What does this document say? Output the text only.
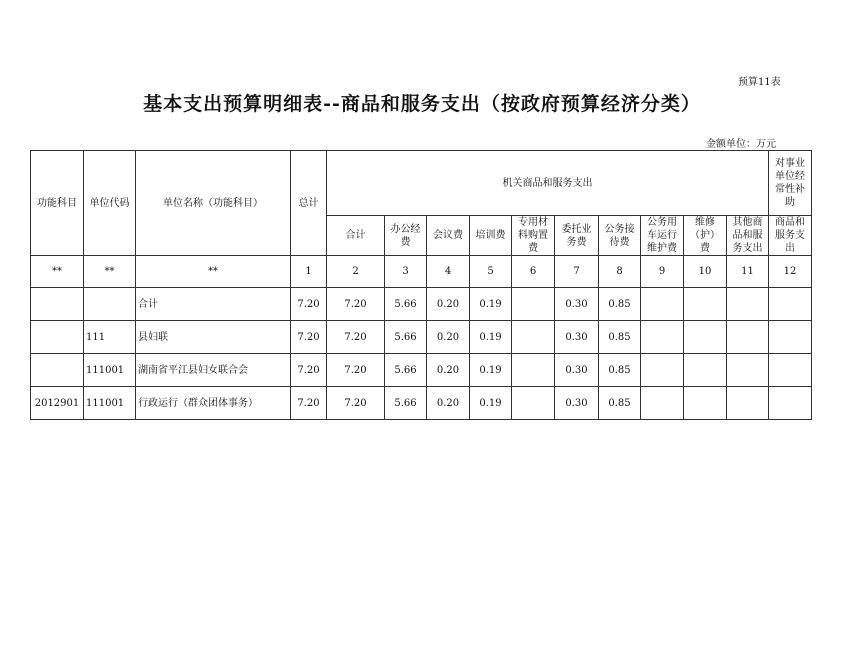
预算11表
基本支出预算明细表--商品和服务支出（按政府预算经济分类）
金额单位：万元
功能科目	单位代码	单位名称（功能科目）	总计	机关商品和服务支出										对事业单位经常性补助
				合计	办公经费	会议费	培训费	专用材料购置费	委托业务费	公务接待费	公务用车运行维护费	维修（护）费	其他商品和服务支出	商品和服务支出
**	**	**	1	2	3	4	5	6	7	8	9	10	11	12
		合计	7.20	7.20	5.66	0.20	0.19		0.30	0.85				
	111	县妇联	7.20	7.20	5.66	0.20	0.19		0.30	0.85				
	111001	湖南省平江县妇女联合会	7.20	7.20	5.66	0.20	0.19		0.30	0.85				
2012901	111001	行政运行（群众团体事务）	7.20	7.20	5.66	0.20	0.19		0.30	0.85				
